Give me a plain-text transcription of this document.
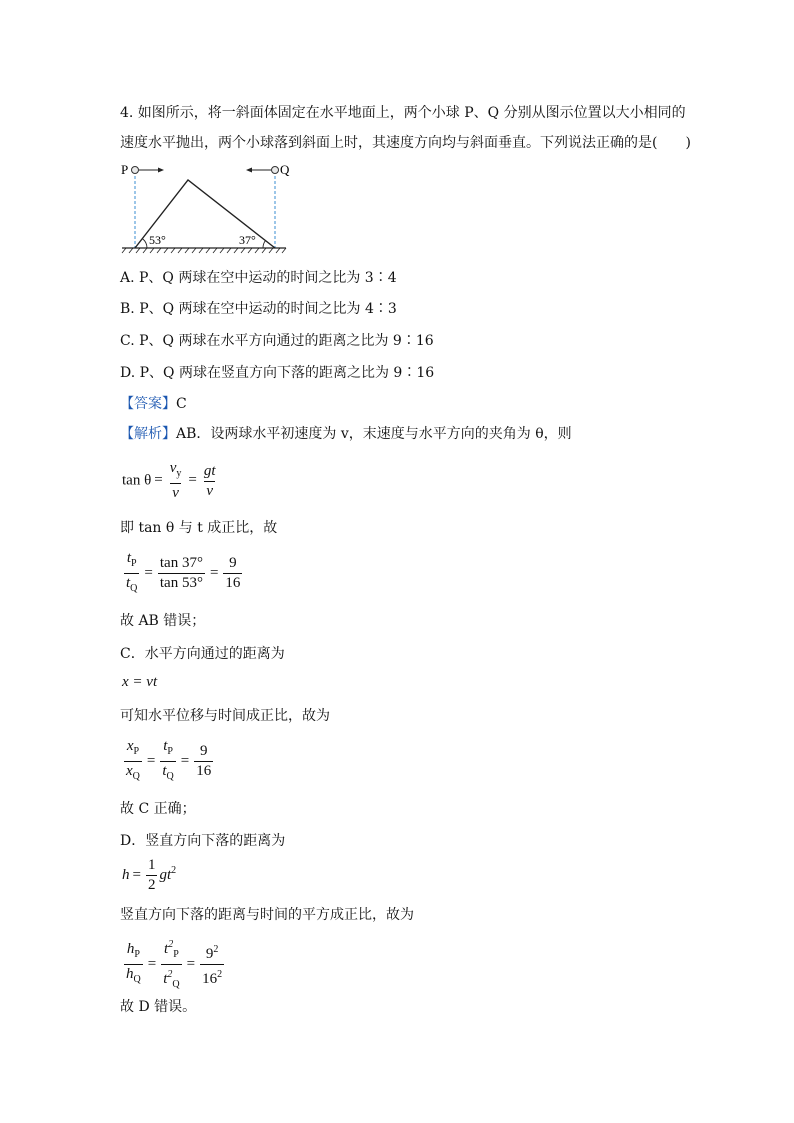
4. 如图所示，将一斜面体固定在水平地面上，两个小球 P、Q 分别从图示位置以大小相同的
速度水平抛出，两个小球落到斜面上时，其速度方向均与斜面垂直。下列说法正确的是(　　)
53°	37°
P	Q
A. P、Q 两球在空中运动的时间之比为 3∶4
B. P、Q 两球在空中运动的时间之比为 4∶3
C. P、Q 两球在水平方向通过的距离之比为 9∶16
D. P、Q 两球在竖直方向下落的距离之比为 9∶16
【答案】C
【解析】AB．设两球水平初速度为 v，末速度与水平方向的夹角为 θ，则
$\tan \theta = \frac{v_y}{v} = \frac{gt}{v}$
即 tan θ 与 t 成正比，故
$\frac{t_P}{t_Q} = \frac{\tan 37^\circ}{\tan 53^\circ} = \frac{9}{16}$
故 AB 错误；
C．水平方向通过的距离为
x = vt
可知水平位移与时间成正比，故为
$\frac{x_P}{x_Q} = \frac{t_P}{t_Q} = \frac{9}{16}$
故 C 正确；
D．竖直方向下落的距离为
$h = \frac{1}{2} gt^2$
竖直方向下落的距离与时间的平方成正比，故为
$\frac{h_P}{h_Q} = \frac{t^2_P}{t^2_Q} = \frac{9^2}{16^2}$
故 D 错误。
